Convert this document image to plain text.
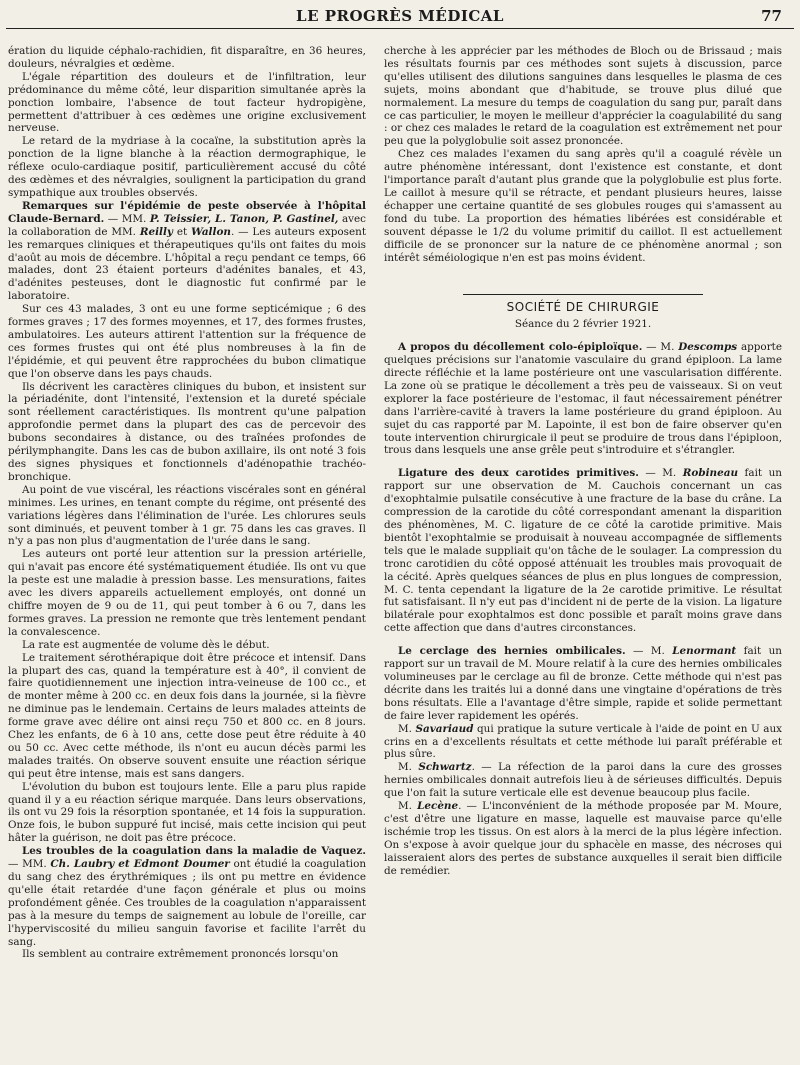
LE PROGRÈS MÉDICAL	77

ération du liquide céphalo-rachidien, fit disparaître, en 36 heures, douleurs, névralgies et œdème.

L'égale répartition des douleurs et de l'infiltration, leur prédominance du même côté, leur disparition simultanée après la ponction lombaire, l'absence de tout facteur hydropigène, permettent d'attribuer à ces œdèmes une origine exclusivement nerveuse.

Le retard de la mydriase à la cocaïne, la substitution après la ponction de la ligne blanche à la réaction dermographique, le réflexe oculo-cardiaque positif, particulièrement accusé du côté des œdèmes et des névralgies, soulignent la participation du grand sympathique aux troubles observés.

Remarques sur l'épidémie de peste observée à l'hôpital Claude-Bernard. — MM. P. Teissier, L. Tanon, P. Gastinel, avec la collaboration de MM. Reilly et Wallon. — Les auteurs exposent les remarques cliniques et thérapeutiques qu'ils ont faites du mois d'août au mois de décembre. L'hôpital a reçu pendant ce temps, 66 malades, dont 23 étaient porteurs d'adénites banales, et 43, d'adénites pesteuses, dont le diagnostic fut confirmé par le laboratoire.

Sur ces 43 malades, 3 ont eu une forme septicémique ; 6 des formes graves ; 17 des formes moyennes, et 17, des formes frustes, ambulatoires. Les auteurs attirent l'attention sur la fréquence de ces formes frustes qui ont été plus nombreuses à la fin de l'épidémie, et qui peuvent être rapprochées du bubon climatique que l'on observe dans les pays chauds.

Ils décrivent les caractères cliniques du bubon, et insistent sur la périadénite, dont l'intensité, l'extension et la dureté spéciale sont réellement caractéristiques. Ils montrent qu'une palpation approfondie permet dans la plupart des cas de percevoir des bubons secondaires à distance, ou des traînées profondes de périlymphangite. Dans les cas de bubon axillaire, ils ont noté 3 fois des signes physiques et fonctionnels d'adénopathie trachéo-bronchique.

Au point de vue viscéral, les réactions viscérales sont en général minimes. Les urines, en tenant compte du régime, ont présenté des variations légères dans l'élimination de l'urée. Les chlorures seuls sont diminués, et peuvent tomber à 1 gr. 75 dans les cas graves. Il n'y a pas non plus d'augmentation de l'urée dans le sang.

Les auteurs ont porté leur attention sur la pression artérielle, qui n'avait pas encore été systématiquement étudiée. Ils ont vu que la peste est une maladie à pression basse. Les mensurations, faites avec les divers appareils actuellement employés, ont donné un chiffre moyen de 9 ou de 11, qui peut tomber à 6 ou 7, dans les formes graves. La pression ne remonte que très lentement pendant la convalescence.

La rate est augmentée de volume dès le début.

Le traitement sérothérapique doit être précoce et intensif. Dans la plupart des cas, quand la température est à 40°, il convient de faire quotidiennement une injection intra-veineuse de 100 cc., et de monter même à 200 cc. en deux fois dans la journée, si la fièvre ne diminue pas le lendemain. Certains de leurs malades atteints de forme grave avec délire ont ainsi reçu 750 et 800 cc. en 8 jours. Chez les enfants, de 6 à 10 ans, cette dose peut être réduite à 40 ou 50 cc. Avec cette méthode, ils n'ont eu aucun décès parmi les malades traités. On observe souvent ensuite une réaction sérique qui peut être intense, mais est sans dangers.

L'évolution du bubon est toujours lente. Elle a paru plus rapide quand il y a eu réaction sérique marquée. Dans leurs observations, ils ont vu 29 fois la résorption spontanée, et 14 fois la suppuration. Onze fois, le bubon suppuré fut incisé, mais cette incision qui peut hâter la guérison, ne doit pas être précoce.

Les troubles de la coagulation dans la maladie de Vaquez. — MM. Ch. Laubry et Edmont Doumer ont étudié la coagulation du sang chez des érythrémiques ; ils ont pu mettre en évidence qu'elle était retardée d'une façon générale et plus ou moins profondément gênée. Ces troubles de la coagulation n'apparaissent pas à la mesure du temps de saignement au lobule de l'oreille, car l'hyperviscosité du milieu sanguin favorise et facilite l'arrêt du sang.

Ils semblent au contraire extrêmement prononcés lorsqu'on

cherche à les apprécier par les méthodes de Bloch ou de Brissaud ; mais les résultats fournis par ces méthodes sont sujets à discussion, parce qu'elles utilisent des dilutions sanguines dans lesquelles le plasma de ces sujets, moins abondant que d'habitude, se trouve plus dilué que normalement. La mesure du temps de coagulation du sang pur, paraît dans ce cas particulier, le moyen le meilleur d'apprécier la coagulabilité du sang : or chez ces malades le retard de la coagulation est extrêmement net pour peu que la polyglobulie soit assez prononcée.

Chez ces malades l'examen du sang après qu'il a coagulé révèle un autre phénomène intéressant, dont l'existence est constante, et dont l'importance paraît d'autant plus grande que la polyglobulie est plus forte. Le caillot à mesure qu'il se rétracte, et pendant plusieurs heures, laisse échapper une certaine quantité de ses globules rouges qui s'amassent au fond du tube. La proportion des hématies libérées est considérable et souvent dépasse le 1/2 du volume primitif du caillot. Il est actuellement difficile de se prononcer sur la nature de ce phénomène anormal ; son intérêt séméiologique n'en est pas moins évident.

SOCIÉTÉ DE CHIRURGIE
Séance du 2 février 1921.

A propos du décollement colo-épiploïque. — M. Descomps apporte quelques précisions sur l'anatomie vasculaire du grand épiploon. La lame directe réfléchie et la lame postérieure ont une vascularisation différente. La zone où se pratique le décollement a très peu de vaisseaux. Si on veut explorer la face postérieure de l'estomac, il faut nécessairement pénétrer dans l'arrière-cavité à travers la lame postérieure du grand épiploon. Au sujet du cas rapporté par M. Lapointe, il est bon de faire observer qu'en toute intervention chirurgicale il peut se produire de trous dans l'épiploon, trous dans lesquels une anse grêle peut s'introduire et s'étrangler.

Ligature des deux carotides primitives. — M. Robineau fait un rapport sur une observation de M. Cauchois concernant un cas d'exophtalmie pulsatile consécutive à une fracture de la base du crâne. La compression de la carotide du côté correspondant amenant la disparition des phénomènes, M. C. ligature de ce côté la carotide primitive. Mais bientôt l'exophtalmie se produisait à nouveau accompagnée de sifflements tels que le malade suppliait qu'on tâche de le soulager. La compression du tronc carotidien du côté opposé atténuait les troubles mais provoquait de la cécité. Après quelques séances de plus en plus longues de compression, M. C. tenta cependant la ligature de la 2e carotide primitive. Le résultat fut satisfaisant. Il n'y eut pas d'incident ni de perte de la vision. La ligature bilatérale pour exophtalmos est donc possible et paraît moins grave dans cette affection que dans d'autres circonstances.

Le cerclage des hernies ombilicales. — M. Lenormant fait un rapport sur un travail de M. Moure relatif à la cure des hernies ombilicales volumineuses par le cerclage au fil de bronze. Cette méthode qui n'est pas décrite dans les traités lui a donné dans une vingtaine d'opérations de très bons résultats. Elle a l'avantage d'être simple, rapide et solide permettant de faire lever rapidement les opérés.

M. Savariaud qui pratique la suture verticale à l'aide de point en U aux crins en a d'excellents résultats et cette méthode lui paraît préférable et plus sûre.

M. Schwartz. — La réfection de la paroi dans la cure des grosses hernies ombilicales donnait autrefois lieu à de sérieuses difficultés. Depuis que l'on fait la suture verticale elle est devenue beaucoup plus facile.

M. Lecène. — L'inconvénient de la méthode proposée par M. Moure, c'est d'être une ligature en masse, laquelle est mauvaise parce qu'elle ischémie trop les tissus. On est alors à la merci de la plus légère infection. On s'expose à avoir quelque jour du sphacèle en masse, des nécroses qui laisseraient alors des pertes de substance auxquelles il serait bien difficile de remédier.
